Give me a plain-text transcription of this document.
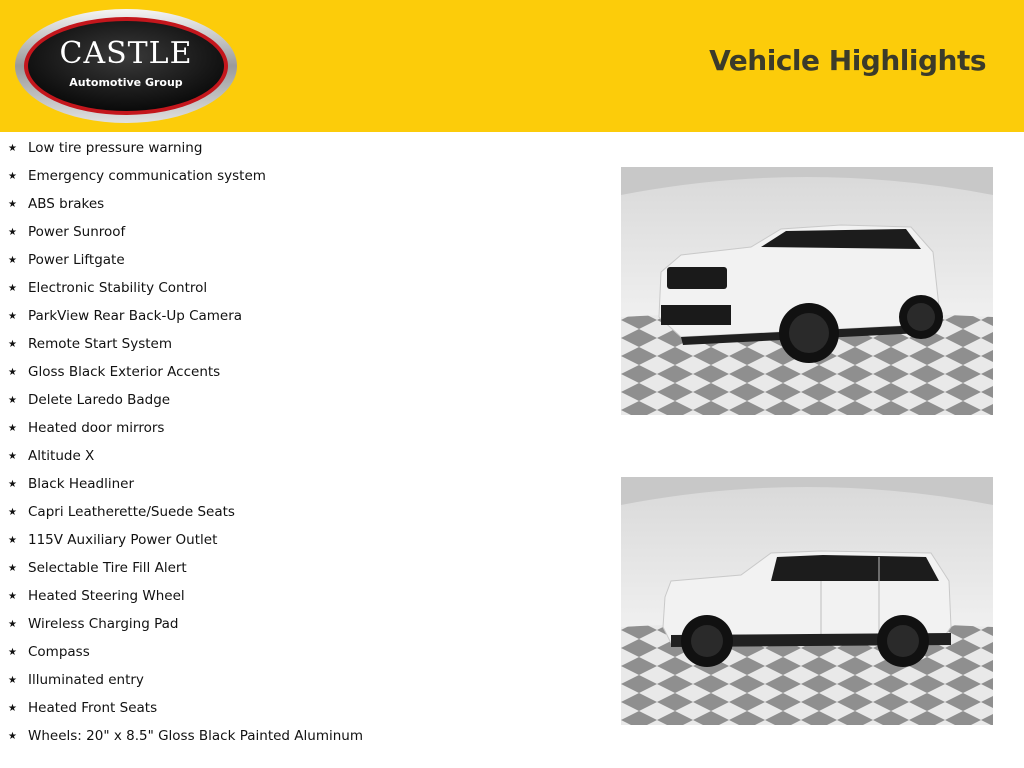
CASTLE
Automotive Group
Vehicle Highlights
★ Low tire pressure warning
★ Emergency communication system
★ ABS brakes
★ Power Sunroof
★ Power Liftgate
★ Electronic Stability Control
★ ParkView Rear Back-Up Camera
★ Remote Start System
★ Gloss Black Exterior Accents
★ Delete Laredo Badge
★ Heated door mirrors
★ Altitude X
★ Black Headliner
★ Capri Leatherette/Suede Seats
★ 115V Auxiliary Power Outlet
★ Selectable Tire Fill Alert
★ Heated Steering Wheel
★ Wireless Charging Pad
★ Compass
★ Illuminated entry
★ Heated Front Seats
★ Wheels: 20" x 8.5" Gloss Black Painted Aluminum
